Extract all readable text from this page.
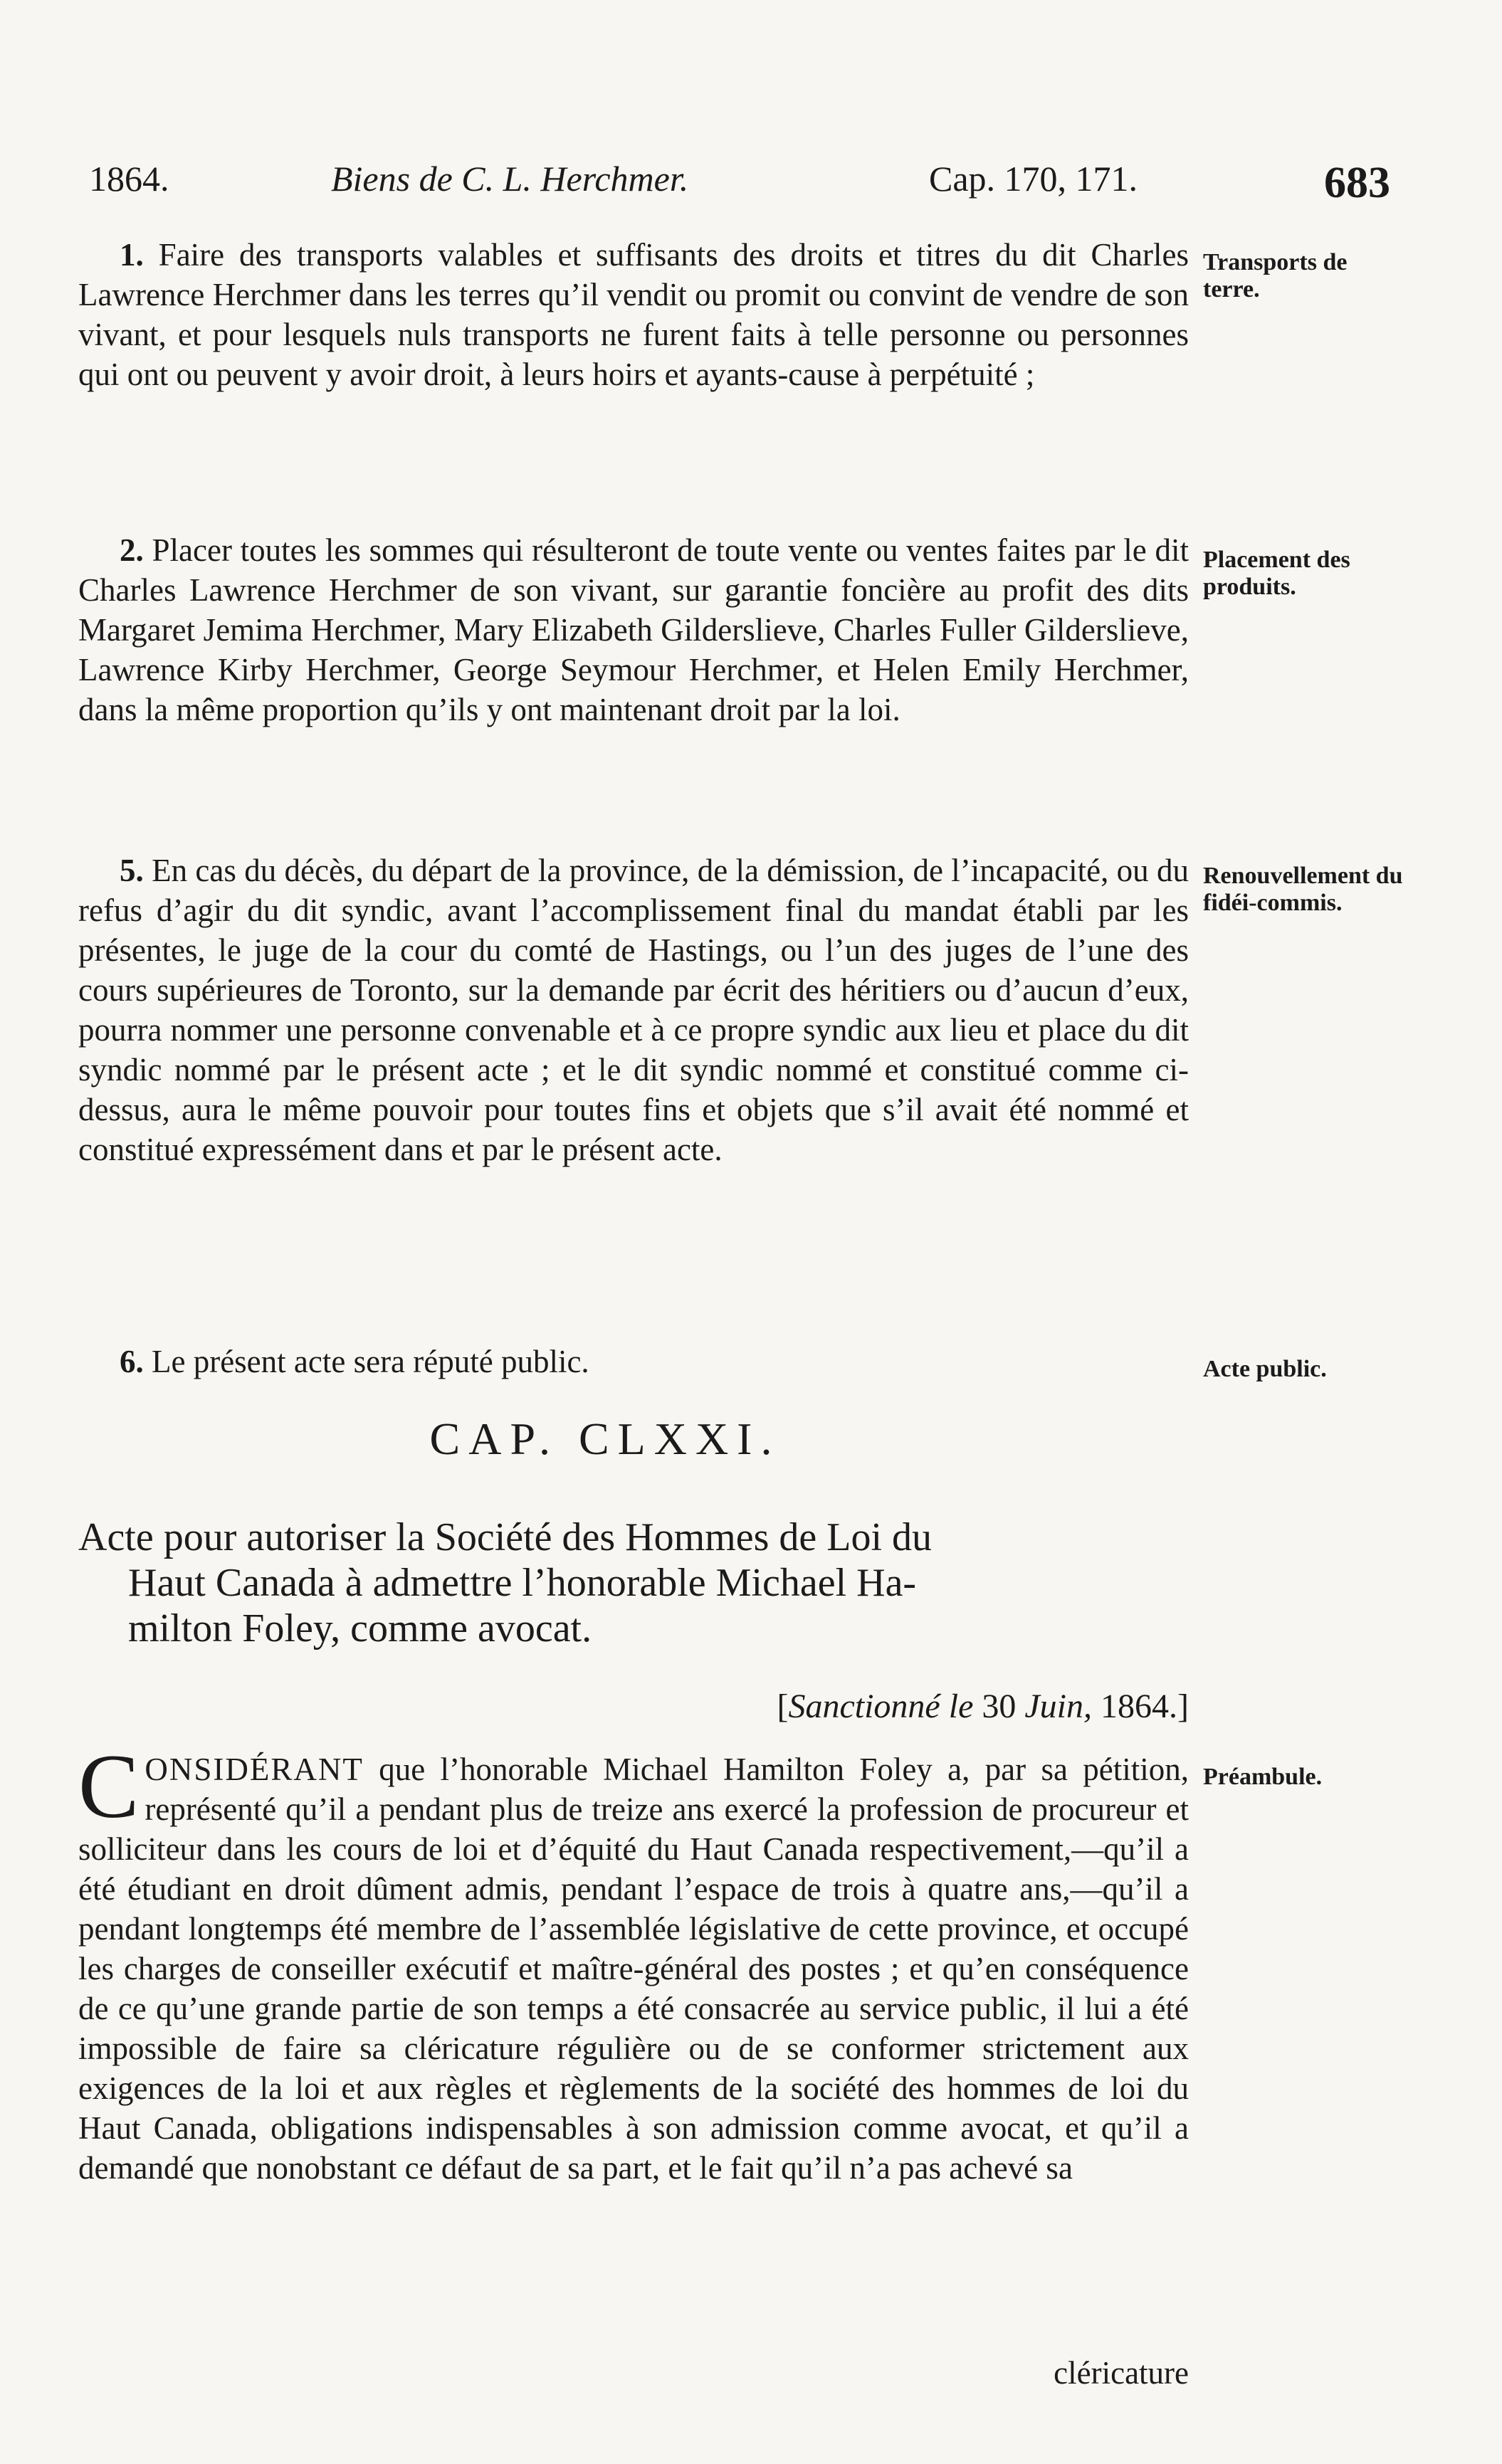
1864.	Biens de C. L. Herchmer.	Cap. 170, 171.	683

1. Faire des transports valables et suffisants des droits et titres du dit Charles Lawrence Herchmer dans les terres qu’il vendit ou promit ou convint de vendre de son vivant, et pour lesquels nuls transports ne furent faits à telle personne ou personnes qui ont ou peuvent y avoir droit, à leurs hoirs et ayants-cause à perpétuité ;

Transports de terre.

2. Placer toutes les sommes qui résulteront de toute vente ou ventes faites par le dit Charles Lawrence Herchmer de son vivant, sur garantie foncière au profit des dits Margaret Jemima Herchmer, Mary Elizabeth Gilderslieve, Charles Fuller Gilderslieve, Lawrence Kirby Herchmer, George Seymour Herchmer, et Helen Emily Herchmer, dans la même proportion qu’ils y ont maintenant droit par la loi.

Placement des produits.

5. En cas du décès, du départ de la province, de la démission, de l’incapacité, ou du refus d’agir du dit syndic, avant l’accomplissement final du mandat établi par les présentes, le juge de la cour du comté de Hastings, ou l’un des juges de l’une des cours supérieures de Toronto, sur la demande par écrit des héritiers ou d’aucun d’eux, pourra nommer une personne convenable et à ce propre syndic aux lieu et place du dit syndic nommé par le présent acte ; et le dit syndic nommé et constitué comme ci-dessus, aura le même pouvoir pour toutes fins et objets que s’il avait été nommé et constitué expressément dans et par le présent acte.

Renouvellement du fidéi-commis.

6. Le présent acte sera réputé public.	Acte public.
CAP. CLXXI.
Acte pour autoriser la Société des Hommes de Loi du
Haut Canada à admettre l’honorable Michael Ha-
milton Foley, comme avocat.
[Sanctionné le 30 Juin, 1864.]
CONSIDÉRANT que l’honorable Michael Hamilton Foley a, par sa pétition, représenté qu’il a pendant plus de treize ans exercé la profession de procureur et solliciteur dans les cours de loi et d’équité du Haut Canada respectivement,—qu’il a été étudiant en droit dûment admis, pendant l’espace de trois à quatre ans,—qu’il a pendant longtemps été membre de l’assemblée législative de cette province, et occupé les charges de conseiller exécutif et maître-général des postes ; et qu’en conséquence de ce qu’une grande partie de son temps a été consacrée au service public, il lui a été impossible de faire sa cléricature régulière ou de se conformer strictement aux exigences de la loi et aux règles et règlements de la société des hommes de loi du Haut Canada, obligations indispensables à son admission comme avocat, et qu’il a demandé que nonobstant ce défaut de sa part, et le fait qu’il n’a pas achevé sa
Préambule.
cléricature
